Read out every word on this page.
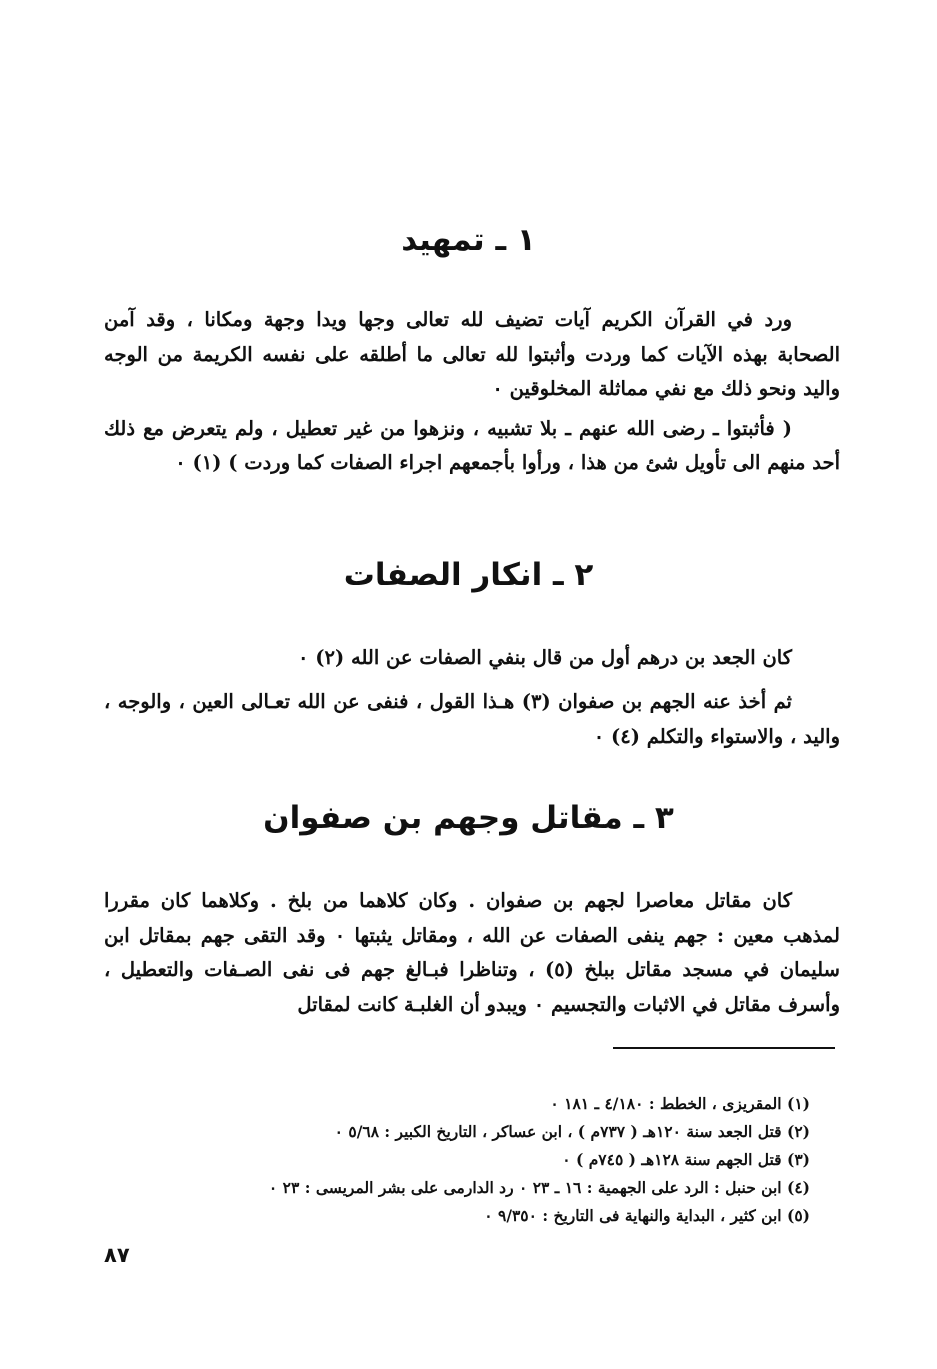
١ ـ تمهيد

ورد في القرآن الكريم آيات تضيف لله تعالى وجها ويدا وجهة ومكانا ، وقد آمن الصحابة بهذه الآيات كما وردت وأثبتوا لله تعالى ما أطلقه على نفسه الكريمة من الوجه واليد ونحو ذلك مع نفي مماثلة المخلوقين ٠

( فأثبتوا ـ رضى الله عنهم ـ بلا تشبيه ، ونزهوا من غير تعطيل ، ولم يتعرض مع ذلك أحد منهم الى تأويل شئ من هذا ، ورأوا بأجمعهم اجراء الصفات كما وردت ) (١) ٠

٢ ـ انكار الصفات

كان الجعد بن درهم أول من قال بنفي الصفات عن الله (٢) ٠

ثم أخذ عنه الجهم بن صفوان (٣) هـذا القول ، فنفى عن الله تعـالى العين ، والوجه ، واليد ، والاستواء والتكلم (٤) ٠

٣ ـ مقاتل وجهم بن صفوان

كان مقاتل معاصرا لجهم بن صفوان . وكان كلاهما من بلخ . وكلاهما كان مقررا لمذهب معين : جهم ينفى الصفات عن الله ، ومقاتل يثبتها ٠ وقد التقى جهم بمقاتل ابن سليمان في مسجد مقاتل ببلخ (٥) ، وتناظرا فبـالغ جهم فى نفى الصـفات والتعطيل ، وأسرف مقاتل في الاثبات والتجسيم ٠ ويبدو أن الغلبـة كانت لمقاتل

(١) المقريزى ، الخطط : ٤/١٨٠ ـ ١٨١ ٠
(٢) قتل الجعد سنة ١٢٠هـ ( ٧٣٧م ) ، ابن عساكر ، التاريخ الكبير : ٥/٦٨ ٠
(٣) قتل الجهم سنة ١٢٨هـ ( ٧٤٥م ) ٠
(٤) ابن حنبل : الرد على الجهمية : ١٦ ـ ٢٣ ٠ رد الدارمى على بشر المريسى : ٢٣ ٠
(٥) ابن كثير ، البداية والنهاية فى التاريخ : ٩/٣٥٠ ٠
٨٧
